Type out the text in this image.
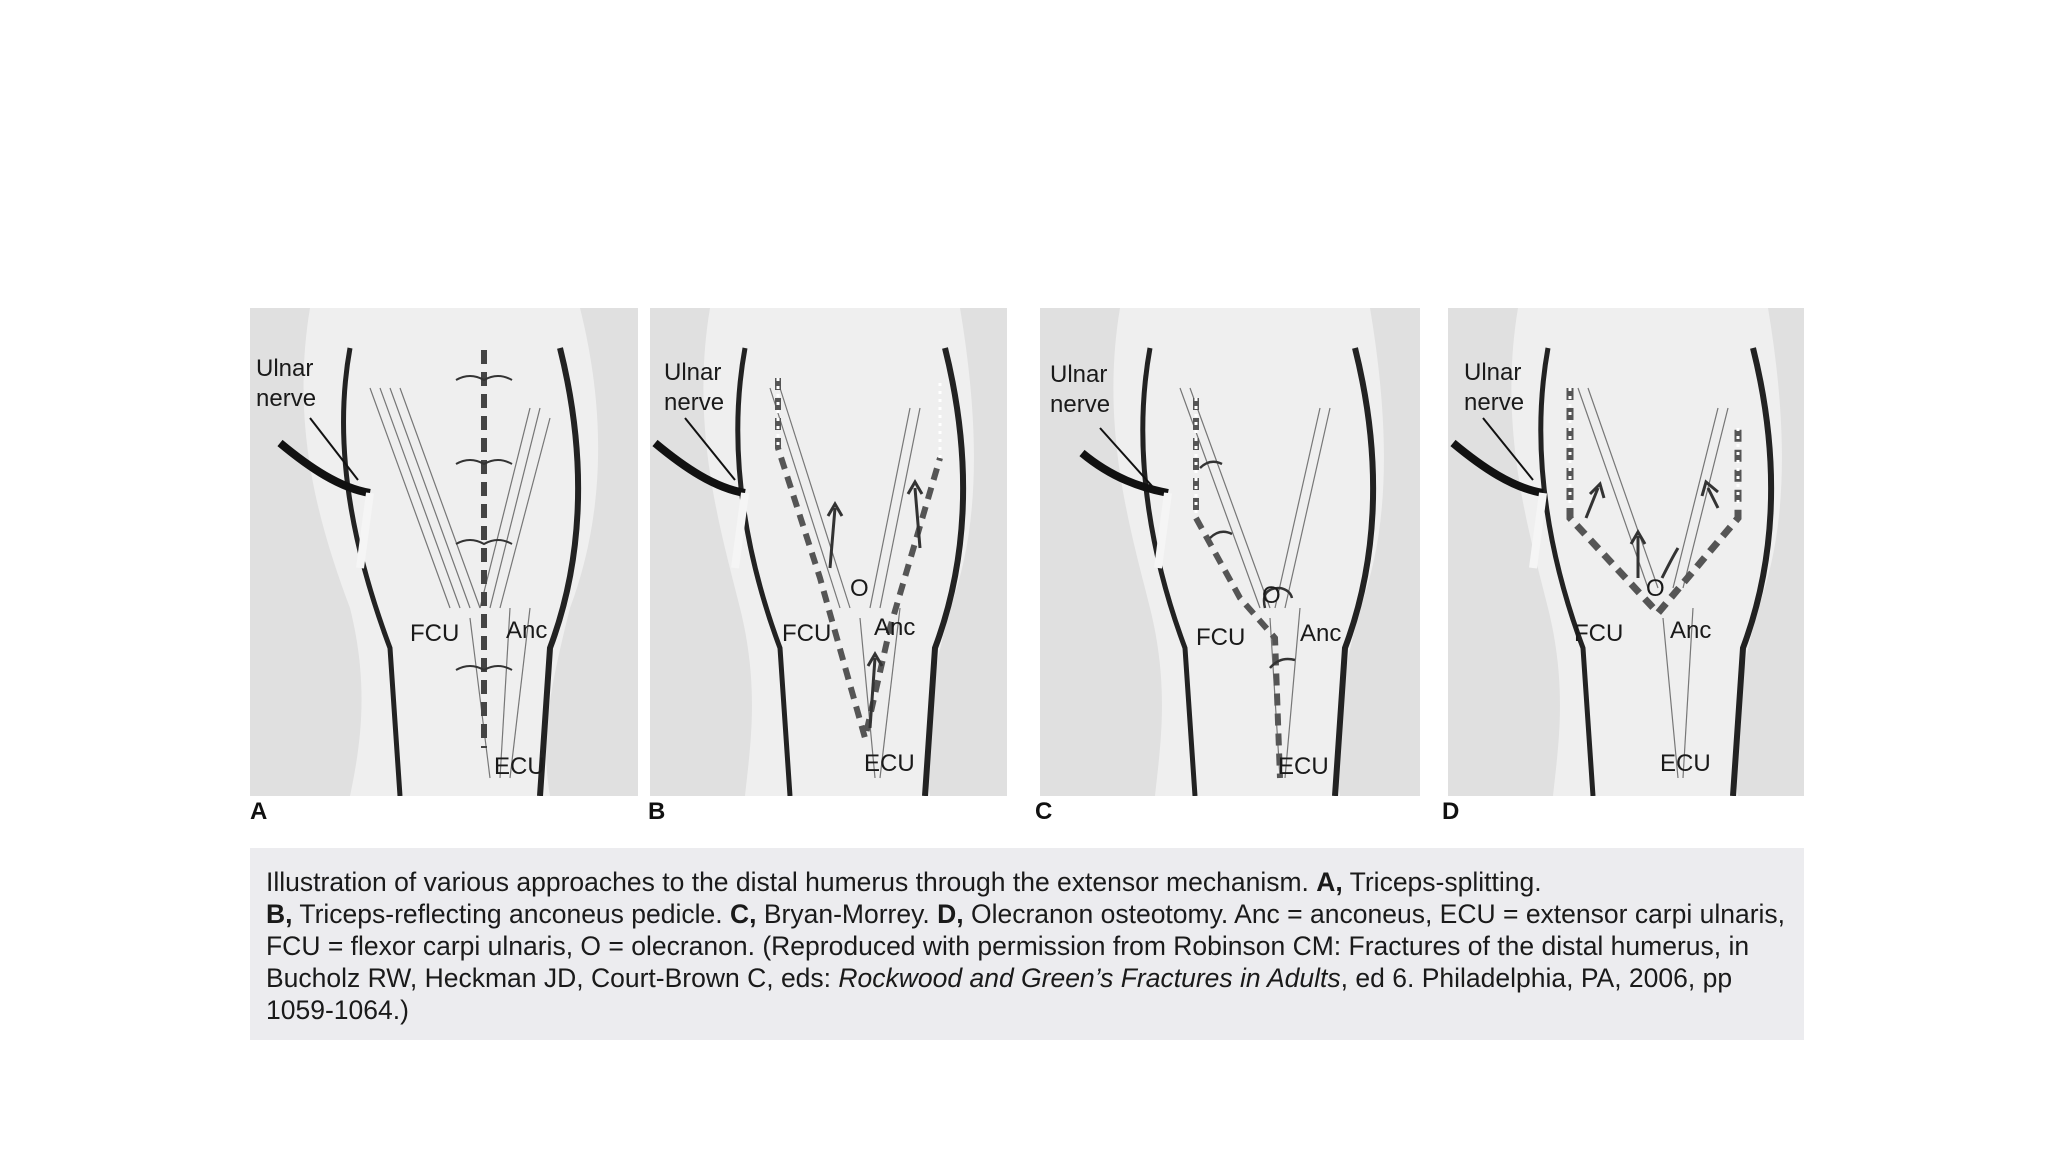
Ulnar
nerve
FCU Anc
ECU
Ulnar
nerve
O
FCU Anc
ECU
Ulnar
nerve
O
FCU Anc
ECU
Ulnar
nerve
O
FCU Anc
ECU
A	B	C	D
Illustration of various approaches to the distal humerus through the extensor mechanism. A, Triceps-splitting.
B, Triceps-reflecting anconeus pedicle. C, Bryan-Morrey. D, Olecranon osteotomy. Anc = anconeus, ECU = extensor carpi ulnaris, FCU = flexor carpi ulnaris, O = olecranon. (Reproduced with permission from Robinson CM: Fractures of the distal humerus, in Bucholz RW, Heckman JD, Court-Brown C, eds: Rockwood and Green’s Fractures in Adults, ed 6. Philadelphia, PA, 2006, pp 1059-1064.)
